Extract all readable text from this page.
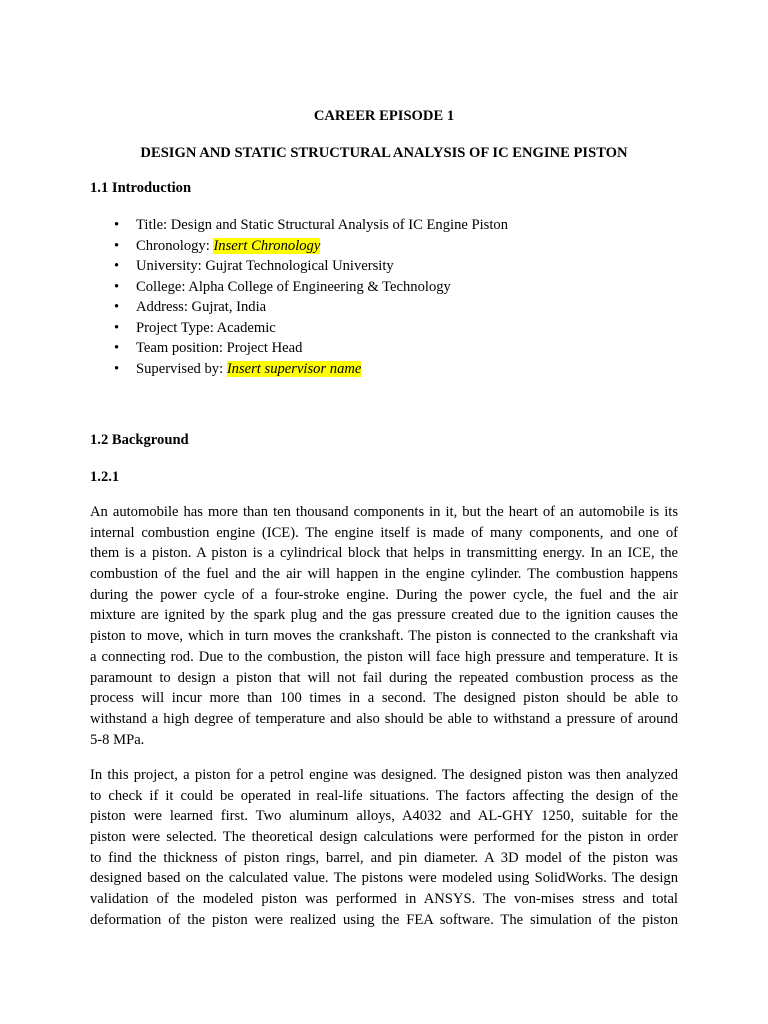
CAREER EPISODE 1
DESIGN AND STATIC STRUCTURAL ANALYSIS OF IC ENGINE PISTON
1.1 Introduction
• Title: Design and Static Structural Analysis of IC Engine Piston
• Chronology: Insert Chronology
• University: Gujrat Technological University
• College: Alpha College of Engineering & Technology
• Address: Gujrat, India
• Project Type: Academic
• Team position: Project Head
• Supervised by: Insert supervisor name
1.2 Background
1.2.1
An automobile has more than ten thousand components in it, but the heart of an automobile is its
internal combustion engine (ICE). The engine itself is made of many components, and one of
them is a piston. A piston is a cylindrical block that helps in transmitting energy. In an ICE, the
combustion of the fuel and the air will happen in the engine cylinder. The combustion happens
during the power cycle of a four-stroke engine. During the power cycle, the fuel and the air
mixture are ignited by the spark plug and the gas pressure created due to the ignition causes the
piston to move, which in turn moves the crankshaft. The piston is connected to the crankshaft via
a connecting rod. Due to the combustion, the piston will face high pressure and temperature. It is
paramount to design a piston that will not fail during the repeated combustion process as the
process will incur more than 100 times in a second. The designed piston should be able to
withstand a high degree of temperature and also should be able to withstand a pressure of around
5-8 MPa.
In this project, a piston for a petrol engine was designed. The designed piston was then analyzed
to check if it could be operated in real-life situations. The factors affecting the design of the
piston were learned first. Two aluminum alloys, A4032 and AL-GHY 1250, suitable for the
piston were selected. The theoretical design calculations were performed for the piston in order
to find the thickness of piston rings, barrel, and pin diameter. A 3D model of the piston was
designed based on the calculated value. The pistons were modeled using SolidWorks. The design
validation of the modeled piston was performed in ANSYS. The von-mises stress and total
deformation of the piston were realized using the FEA software. The simulation of the piston
